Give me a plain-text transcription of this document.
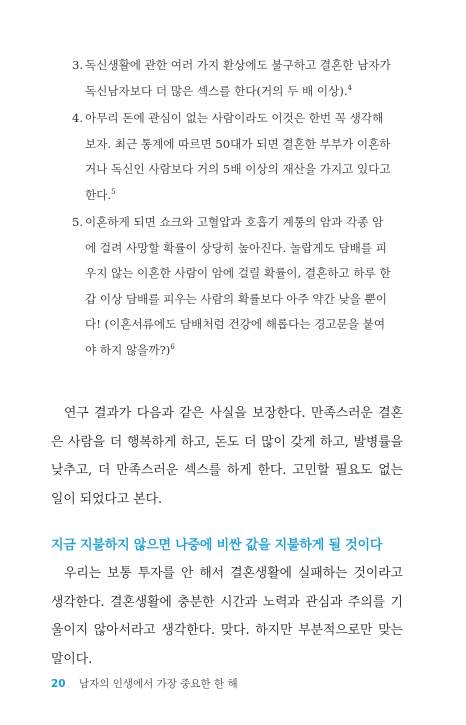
3. 독신생활에 관한 여러 가지 환상에도 불구하고 결혼한 남자가 독신남자보다 더 많은 섹스를 한다(거의 두 배 이상).$^4$
4. 아무리 돈에 관심이 없는 사람이라도 이것은 한번 꼭 생각해 보자. 최근 통계에 따르면 50대가 되면 결혼한 부부가 이혼하거나 독신인 사람보다 거의 5배 이상의 재산을 가지고 있다고 한다.$^5$
5. 이혼하게 되면 쇼크와 고혈압과 호흡기 계통의 암과 각종 암에 걸려 사망할 확률이 상당히 높아진다. 놀랍게도 담배를 피우지 않는 이혼한 사람이 암에 걸릴 확률이, 결혼하고 하루 한 갑 이상 담배를 피우는 사람의 확률보다 아주 약간 낮을 뿐이다! (이혼서류에도 담배처럼 건강에 해롭다는 경고문을 붙여야 하지 않을까?)$^6$
연구 결과가 다음과 같은 사실을 보장한다. 만족스러운 결혼은 사람을 더 행복하게 하고, 돈도 더 많이 갖게 하고, 발병률을 낮추고, 더 만족스러운 섹스를 하게 한다. 고민할 필요도 없는 일이 되었다고 본다.
지금 지불하지 않으면 나중에 비싼 값을 지불하게 될 것이다
우리는 보통 투자를 안 해서 결혼생활에 실패하는 것이라고 생각한다. 결혼생활에 충분한 시간과 노력과 관심과 주의를 기울이지 않아서라고 생각한다. 맞다. 하지만 부분적으로만 맞는 말이다.
20 남자의 인생에서 가장 중요한 한 해
